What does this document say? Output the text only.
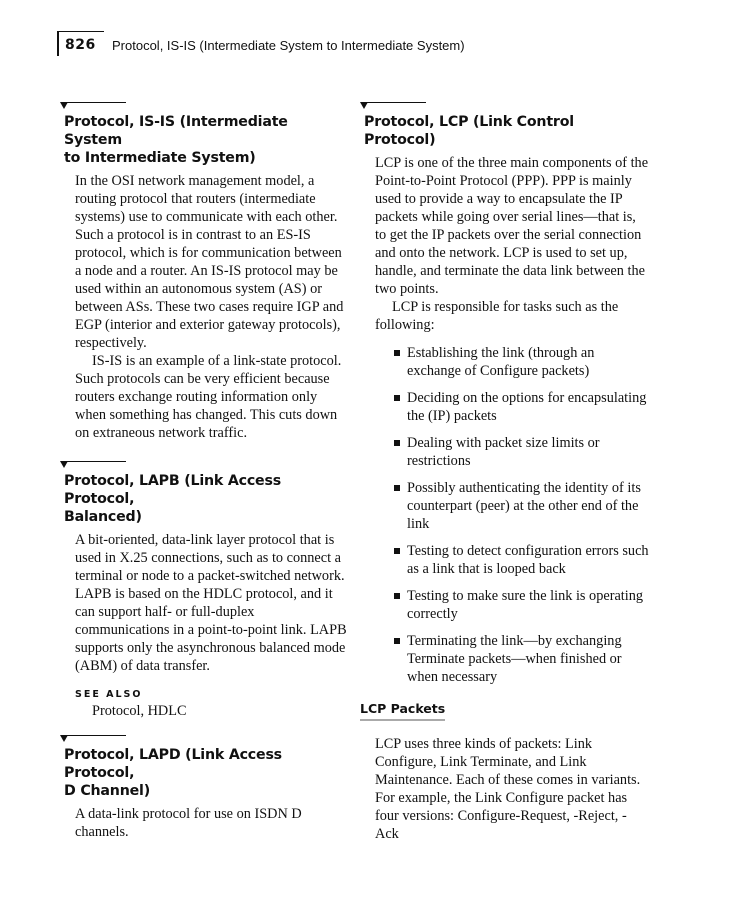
826 Protocol, IS-IS (Intermediate System to Intermediate System)
Protocol, IS-IS (Intermediate System
to Intermediate System)

In the OSI network management model, a routing protocol that routers (intermediate systems) use to communicate with each other. Such a protocol is in contrast to an ES-IS protocol, which is for communication between a node and a router. An IS-IS protocol may be used within an autonomous system (AS) or between ASs. These two cases require IGP and EGP (interior and exterior gateway protocols), respectively.

IS-IS is an example of a link-state protocol. Such protocols can be very efficient because routers exchange routing information only when something has changed. This cuts down on extraneous network traffic.

Protocol, LAPB (Link Access Protocol,
Balanced)

A bit-oriented, data-link layer protocol that is used in X.25 connections, such as to connect a terminal or node to a packet-switched network. LAPB is based on the HDLC protocol, and it can support half- or full-duplex communications in a point-to-point link. LAPB supports only the asynchronous balanced mode (ABM) of data transfer.

SEE ALSO
Protocol, HDLC
Protocol, LAPD (Link Access Protocol,
D Channel)

A data-link protocol for use on ISDN D channels.

Protocol, LCP (Link Control Protocol)

LCP is one of the three main components of the Point-to-Point Protocol (PPP). PPP is mainly used to provide a way to encapsulate the IP packets while going over serial lines—that is, to get the IP packets over the serial connection and onto the network. LCP is used to set up, handle, and terminate the data link between the two points.

LCP is responsible for tasks such as the following:

Establishing the link (through an exchange of Configure packets)
Deciding on the options for encapsulating the (IP) packets
Dealing with packet size limits or restrictions
Possibly authenticating the identity of its counterpart (peer) at the other end of the link
Testing to detect configuration errors such as a link that is looped back
Testing to make sure the link is operating correctly
Terminating the link—by exchanging Terminate packets—when finished or when necessary
LCP Packets

LCP uses three kinds of packets: Link Configure, Link Terminate, and Link Maintenance. Each of these comes in variants. For example, the Link Configure packet has four versions: Configure-Request, -Reject, -Ack
